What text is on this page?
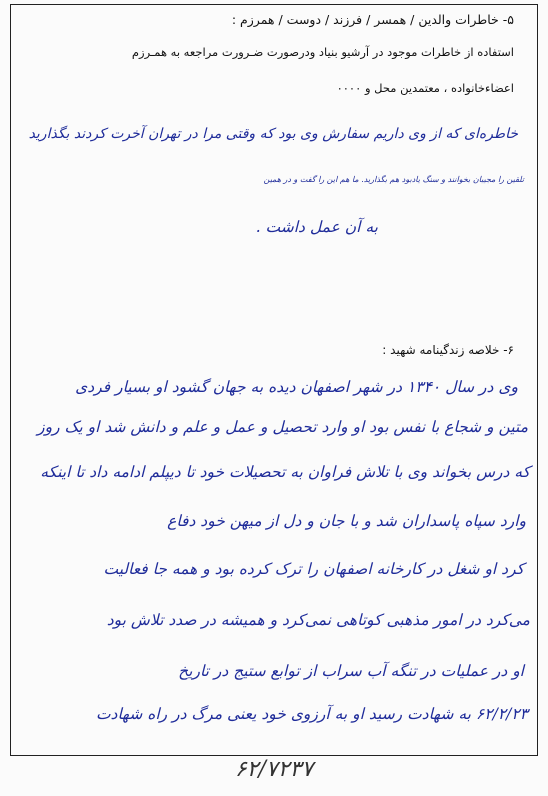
۵- خاطرات والدین / همسر / فرزند / دوست / همرزم :
استفاده از خاطرات موجود در آرشیو بنیاد ودرصورت ضـرورت مراجعه به همـرزم
اعضاءخانواده ، معتمدین محل و ۰۰۰۰
خاطره‌ای که از وی داریم سفارش وی بود که وقتی مرا در تهران آخرت کردند بگذارید
تلقین را مجیبان بخوانند و سنگ یادبود هم بگذارید. ما هم این را گفت و در همین
به آن عمل داشت .
۶- خلاصه زندگینامه شهید :
وی در سال ۱۳۴۰ در شهر اصفهان دیده به جهان گشود او بسیار فردی
متین و شجاع با نفس بود او وارد تحصیل و عمل و علم و دانش شد او یک روز
که درس بخواند وی با تلاش فراوان به تحصیلات خود تا دیپلم ادامه داد تا اینکه
وارد سپاه پاسداران شد و با جان و دل از میهن خود دفاع
کرد او شغل در کارخانه اصفهان را ترک کرده بود و همه جا فعالیت
می‌کرد در امور مذهبی کوتاهی نمی‌کرد و همیشه در صدد تلاش بود
او در عملیات در تنگه آب سراب از توابع ستیج در تاریخ
۶۲/۲/۲۳ به شهادت رسید او به آرزوی خود یعنی مرگ در راه شهادت
۶۲/۷۲۳۷
